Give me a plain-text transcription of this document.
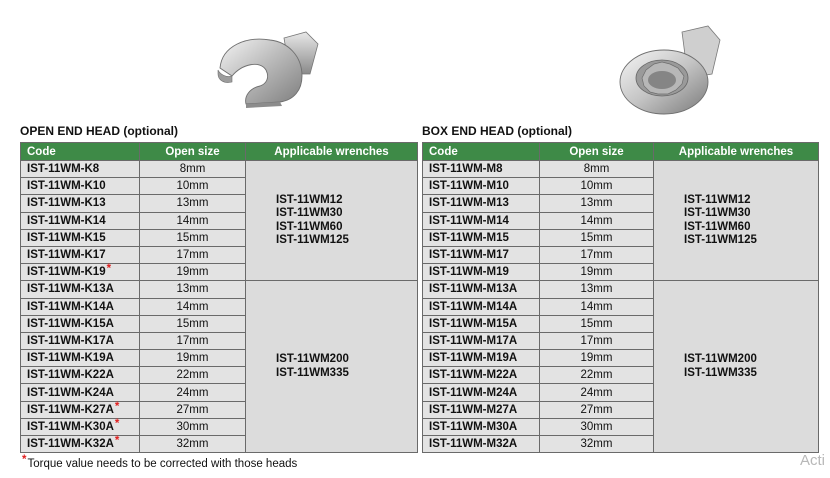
OPEN END HEAD (optional)
Code	Open size	Applicable wrenches
IST-11WM-K8	8mm	IST-11WM12
IST-11WM30
IST-11WM60
IST-11WM125

IST-11WM-K10	10mm	
IST-11WM-K13	13mm	
IST-11WM-K14	14mm	
IST-11WM-K15	15mm	
IST-11WM-K17	17mm	
IST-11WM-K19*	19mm	
IST-11WM-K13A	13mm	IST-11WM200
IST-11WM335

IST-11WM-K14A	14mm	
IST-11WM-K15A	15mm	
IST-11WM-K17A	17mm	
IST-11WM-K19A	19mm	
IST-11WM-K22A	22mm	
IST-11WM-K24A	24mm	
IST-11WM-K27A*	27mm	
IST-11WM-K30A*	30mm	
IST-11WM-K32A*	32mm	
BOX END HEAD (optional)
Code	Open size	Applicable wrenches
IST-11WM-M8	8mm	IST-11WM12
IST-11WM30
IST-11WM60
IST-11WM125

IST-11WM-M10	10mm	
IST-11WM-M13	13mm	
IST-11WM-M14	14mm	
IST-11WM-M15	15mm	
IST-11WM-M17	17mm	
IST-11WM-M19	19mm	
IST-11WM-M13A	13mm	IST-11WM200
IST-11WM335

IST-11WM-M14A	14mm	
IST-11WM-M15A	15mm	
IST-11WM-M17A	17mm	
IST-11WM-M19A	19mm	
IST-11WM-M22A	22mm	
IST-11WM-M24A	24mm	
IST-11WM-M27A	27mm	
IST-11WM-M30A	30mm	
IST-11WM-M32A	32mm	
*Torque value needs to be corrected with those heads	Acti
